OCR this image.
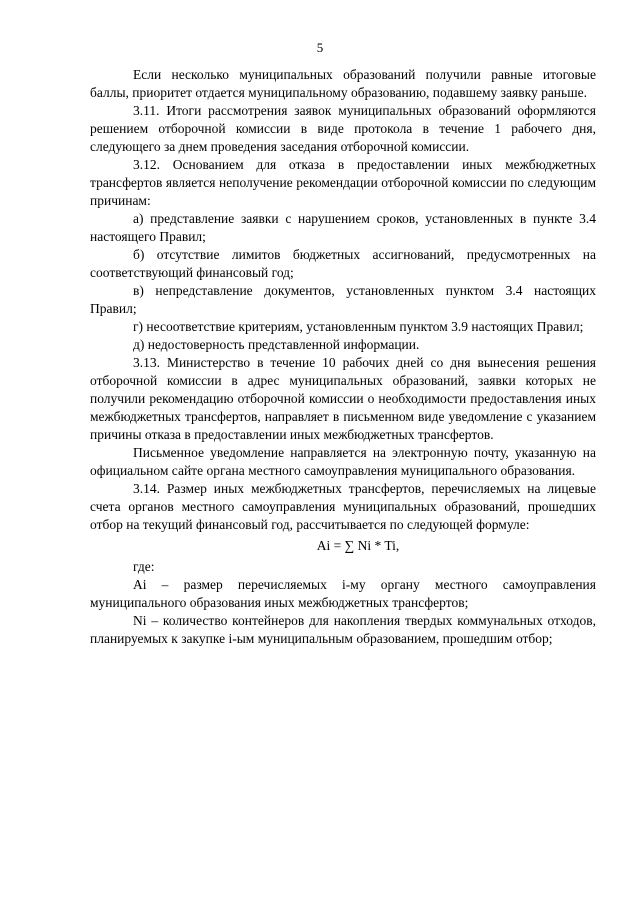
5

Если несколько муниципальных образований получили равные итоговые баллы, приоритет отдается муниципальному образованию, подавшему заявку раньше.

3.11. Итоги рассмотрения заявок муниципальных образований оформляются решением отборочной комиссии в виде протокола в течение 1 рабочего дня, следующего за днем проведения заседания отборочной комиссии.

3.12. Основанием для отказа в предоставлении иных межбюджетных трансфертов является неполучение рекомендации отборочной комиссии по следующим причинам:

а) представление заявки с нарушением сроков, установленных в пункте 3.4 настоящего Правил;

б) отсутствие лимитов бюджетных ассигнований, предусмотренных на соответствующий финансовый год;

в) непредставление документов, установленных пунктом 3.4 настоящих Правил;

г) несоответствие критериям, установленным пунктом 3.9 настоящих Правил;

д) недостоверность представленной информации.

3.13. Министерство в течение 10 рабочих дней со дня вынесения решения отборочной комиссии в адрес муниципальных образований, заявки которых не получили рекомендацию отборочной комиссии о необходимости предоставления иных межбюджетных трансфертов, направляет в письменном виде уведомление с указанием причины отказа в предоставлении иных межбюджетных трансфертов.

Письменное уведомление направляется на электронную почту, указанную на официальном сайте органа местного самоуправления муниципального образования.

3.14. Размер иных межбюджетных трансфертов, перечисляемых на лицевые счета органов местного самоуправления муниципальных образований, прошедших отбор на текущий финансовый год, рассчитывается по следующей формуле:

Ai = ∑ Ni * Ti,

где:

Ai – размер перечисляемых i-му органу местного самоуправления муниципального образования иных межбюджетных трансфертов;

Ni – количество контейнеров для накопления твердых коммунальных отходов, планируемых к закупке i-ым муниципальным образованием, прошедшим отбор;
